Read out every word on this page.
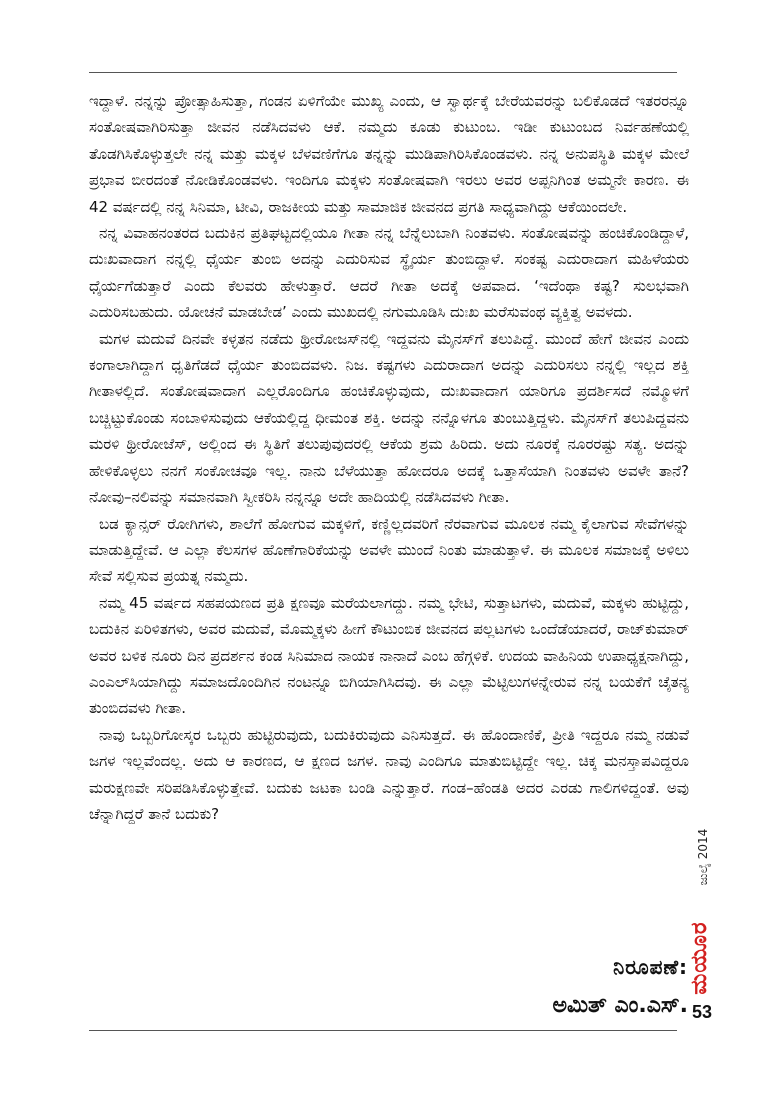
ಇದ್ದಾಳೆ. ನನ್ನನ್ನು ಪ್ರೋತ್ಸಾಹಿಸುತ್ತಾ, ಗಂಡನ ಏಳಿಗೆಯೇ ಮುಖ್ಯ ಎಂದು, ಆ ಸ್ವಾರ್ಥಕ್ಕೆ ಬೇರೆಯವರನ್ನು ಬಲಿಕೊಡದೆ ಇತರರನ್ನೂ ಸಂತೋಷವಾಗಿರಿಸುತ್ತಾ ಜೀವನ ನಡೆಸಿದವಳು ಆಕೆ. ನಮ್ಮದು ಕೂಡು ಕುಟುಂಬ. ಇಡೀ ಕುಟುಂಬದ ನಿರ್ವಹಣೆಯಲ್ಲಿ ತೊಡಗಿಸಿಕೊಳ್ಳುತ್ತಲೇ ನನ್ನ ಮತ್ತು ಮಕ್ಕಳ ಬೆಳವಣಿಗೆಗೂ ತನ್ನನ್ನು ಮುಡಿಪಾಗಿರಿಸಿಕೊಂಡವಳು. ನನ್ನ ಅನುಪಸ್ಥಿತಿ ಮಕ್ಕಳ ಮೇಲೆ ಪ್ರಭಾವ ಬೀರದಂತೆ ನೋಡಿಕೊಂಡವಳು. ಇಂದಿಗೂ ಮಕ್ಕಳು ಸಂತೋಷವಾಗಿ ಇರಲು ಅವರ ಅಪ್ಪನಿಗಿಂತ ಅಮ್ಮನೇ ಕಾರಣ. ಈ 42 ವರ್ಷದಲ್ಲಿ ನನ್ನ ಸಿನಿಮಾ, ಟೀವಿ, ರಾಜಕೀಯ ಮತ್ತು ಸಾಮಾಜಿಕ ಜೀವನದ ಪ್ರಗತಿ ಸಾಧ್ಯವಾಗಿದ್ದು ಆಕೆಯಿಂದಲೇ.

ನನ್ನ ವಿವಾಹನಂತರದ ಬದುಕಿನ ಪ್ರತಿಘಟ್ಟದಲ್ಲಿಯೂ ಗೀತಾ ನನ್ನ ಬೆನ್ನೆಲುಬಾಗಿ ನಿಂತವಳು. ಸಂತೋಷವನ್ನು ಹಂಚಿಕೊಂಡಿದ್ದಾಳೆ, ದುಃಖವಾದಾಗ ನನ್ನಲ್ಲಿ ಧೈರ್ಯ ತುಂಬಿ ಅದನ್ನು ಎದುರಿಸುವ ಸ್ಥೈರ್ಯ ತುಂಬಿದ್ದಾಳೆ. ಸಂಕಷ್ಟ ಎದುರಾದಾಗ ಮಹಿಳೆಯರು ಧೈರ್ಯಗೆಡುತ್ತಾರೆ ಎಂದು ಕೆಲವರು ಹೇಳುತ್ತಾರೆ. ಆದರೆ ಗೀತಾ ಅದಕ್ಕೆ ಅಪವಾದ. ‘ಇದೆಂಥಾ ಕಷ್ಟ? ಸುಲಭವಾಗಿ ಎದುರಿಸಬಹುದು. ಯೋಚನೆ ಮಾಡಬೇಡ’ ಎಂದು ಮುಖದಲ್ಲಿ ನಗುಮೂಡಿಸಿ ದುಃಖ ಮರೆಸುವಂಥ ವ್ಯಕ್ತಿತ್ವ ಅವಳದು.

ಮಗಳ ಮದುವೆ ದಿನವೇ ಕಳ್ಳತನ ನಡೆದು ಥ್ರೀರೋಜಸ್‌ನಲ್ಲಿ ಇದ್ದವನು ಮೈನಸ್‌ಗೆ ತಲುಪಿದ್ದೆ. ಮುಂದೆ ಹೇಗೆ ಜೀವನ ಎಂದು ಕಂಗಾಲಾಗಿದ್ದಾಗ ಧೃತಿಗೆಡದೆ ಧೈರ್ಯ ತುಂಬಿದವಳು. ನಿಜ. ಕಷ್ಟಗಳು ಎದುರಾದಾಗ ಅದನ್ನು ಎದುರಿಸಲು ನನ್ನಲ್ಲಿ ಇಲ್ಲದ ಶಕ್ತಿ ಗೀತಾಳಲ್ಲಿದೆ. ಸಂತೋಷವಾದಾಗ ಎಲ್ಲರೊಂದಿಗೂ ಹಂಚಿಕೊಳ್ಳುವುದು, ದುಃಖವಾದಾಗ ಯಾರಿಗೂ ಪ್ರದರ್ಶಿಸದೆ ನಮ್ಮೊಳಗೆ ಬಚ್ಚಿಟ್ಟುಕೊಂಡು ಸಂಬಾಳಿಸುವುದು ಆಕೆಯಲ್ಲಿದ್ದ ಧೀಮಂತ ಶಕ್ತಿ. ಅದನ್ನು ನನ್ನೊಳಗೂ ತುಂಬುತ್ತಿದ್ದಳು. ಮೈನಸ್‌ಗೆ ತಲುಪಿದ್ದವನು ಮರಳಿ ಥ್ರೀರೋಜೆಸ್‌, ಅಲ್ಲಿಂದ ಈ ಸ್ಥಿತಿಗೆ ತಲುಪುವುದರಲ್ಲಿ ಆಕೆಯ ಶ್ರಮ ಹಿರಿದು. ಅದು ನೂರಕ್ಕೆ ನೂರರಷ್ಟು ಸತ್ಯ. ಅದನ್ನು ಹೇಳಿಕೊಳ್ಳಲು ನನಗೆ ಸಂಕೋಚವೂ ಇಲ್ಲ. ನಾನು ಬೆಳೆಯುತ್ತಾ ಹೋದರೂ ಅದಕ್ಕೆ ಒತ್ತಾಸೆಯಾಗಿ ನಿಂತವಳು ಅವಳೇ ತಾನೆ? ನೋವು–ನಲಿವನ್ನು ಸಮಾನವಾಗಿ ಸ್ವೀಕರಿಸಿ ನನ್ನನ್ನೂ ಅದೇ ಹಾದಿಯಲ್ಲಿ ನಡೆಸಿದವಳು ಗೀತಾ.

ಬಡ ಕ್ಯಾನ್ಸರ್ ರೋಗಿಗಳು, ಶಾಲೆಗೆ ಹೋಗುವ ಮಕ್ಕಳಿಗೆ, ಕಣ್ಣಿಲ್ಲದವರಿಗೆ ನೆರವಾಗುವ ಮೂಲಕ ನಮ್ಮ ಕೈಲಾಗುವ ಸೇವೆಗಳನ್ನು ಮಾಡುತ್ತಿದ್ದೇವೆ. ಆ ಎಲ್ಲಾ ಕೆಲಸಗಳ ಹೊಣೆಗಾರಿಕೆಯನ್ನು ಅವಳೇ ಮುಂದೆ ನಿಂತು ಮಾಡುತ್ತಾಳೆ. ಈ ಮೂಲಕ ಸಮಾಜಕ್ಕೆ ಅಳಿಲು ಸೇವೆ ಸಲ್ಲಿಸುವ ಪ್ರಯತ್ನ ನಮ್ಮದು.

ನಮ್ಮ 45 ವರ್ಷದ ಸಹಪಯಣದ ಪ್ರತಿ ಕ್ಷಣವೂ ಮರೆಯಲಾಗದ್ದು. ನಮ್ಮ ಭೇಟಿ, ಸುತ್ತಾಟಗಳು, ಮದುವೆ, ಮಕ್ಕಳು ಹುಟ್ಟಿದ್ದು, ಬದುಕಿನ ಏರಿಳಿತಗಳು, ಅವರ ಮದುವೆ, ಮೊಮ್ಮಕ್ಕಳು ಹೀಗೆ ಕೌಟುಂಬಿಕ ಜೀವನದ ಪಲ್ಲಟಗಳು ಒಂದೆಡೆಯಾದರೆ, ರಾಜ್‌ಕುಮಾರ್ ಅವರ ಬಳಿಕ ನೂರು ದಿನ ಪ್ರದರ್ಶನ ಕಂಡ ಸಿನಿಮಾದ ನಾಯಕ ನಾನಾದೆ ಎಂಬ ಹೆಗ್ಗಳಿಕೆ. ಉದಯ ವಾಹಿನಿಯ ಉಪಾಧ್ಯಕ್ಷನಾಗಿದ್ದು, ಎಂಎಲ್‌ಸಿಯಾಗಿದ್ದು ಸಮಾಜದೊಂದಿಗಿನ ನಂಟನ್ನೂ ಬಿಗಿಯಾಗಿಸಿದವು. ಈ ಎಲ್ಲಾ ಮೆಟ್ಟಿಲುಗಳನ್ನೇರುವ ನನ್ನ ಬಯಕೆಗೆ ಚೈತನ್ಯ ತುಂಬಿದವಳು ಗೀತಾ.

ನಾವು ಒಬ್ಬರಿಗೋಸ್ಕರ ಒಬ್ಬರು ಹುಟ್ಟಿರುವುದು, ಬದುಕಿರುವುದು ಎನಿಸುತ್ತದೆ. ಈ ಹೊಂದಾಣಿಕೆ, ಪ್ರೀತಿ ಇದ್ದರೂ ನಮ್ಮ ನಡುವೆ ಜಗಳ ಇಲ್ಲವೆಂದಲ್ಲ. ಅದು ಆ ಕಾರಣದ, ಆ ಕ್ಷಣದ ಜಗಳ. ನಾವು ಎಂದಿಗೂ ಮಾತುಬಿಟ್ಟಿದ್ದೇ ಇಲ್ಲ. ಚಿಕ್ಕ ಮನಸ್ತಾಪವಿದ್ದರೂ ಮರುಕ್ಷಣವೇ ಸರಿಪಡಿಸಿಕೊಳ್ಳುತ್ತೇವೆ. ಬದುಕು ಜಟಕಾ ಬಂಡಿ ಎನ್ನುತ್ತಾರೆ. ಗಂಡ–ಹೆಂಡತಿ ಅದರ ಎರಡು ಗಾಲಿಗಳಿದ್ದಂತೆ. ಅವು ಚೆನ್ನಾಗಿದ್ದರೆ ತಾನೆ ಬದುಕು?

ನಿರೂಪಣೆ:
ಅಮಿತ್ ಎಂ.ಎಸ್.
ಜುಲೈ 2014
ಮಯೂರ
53
